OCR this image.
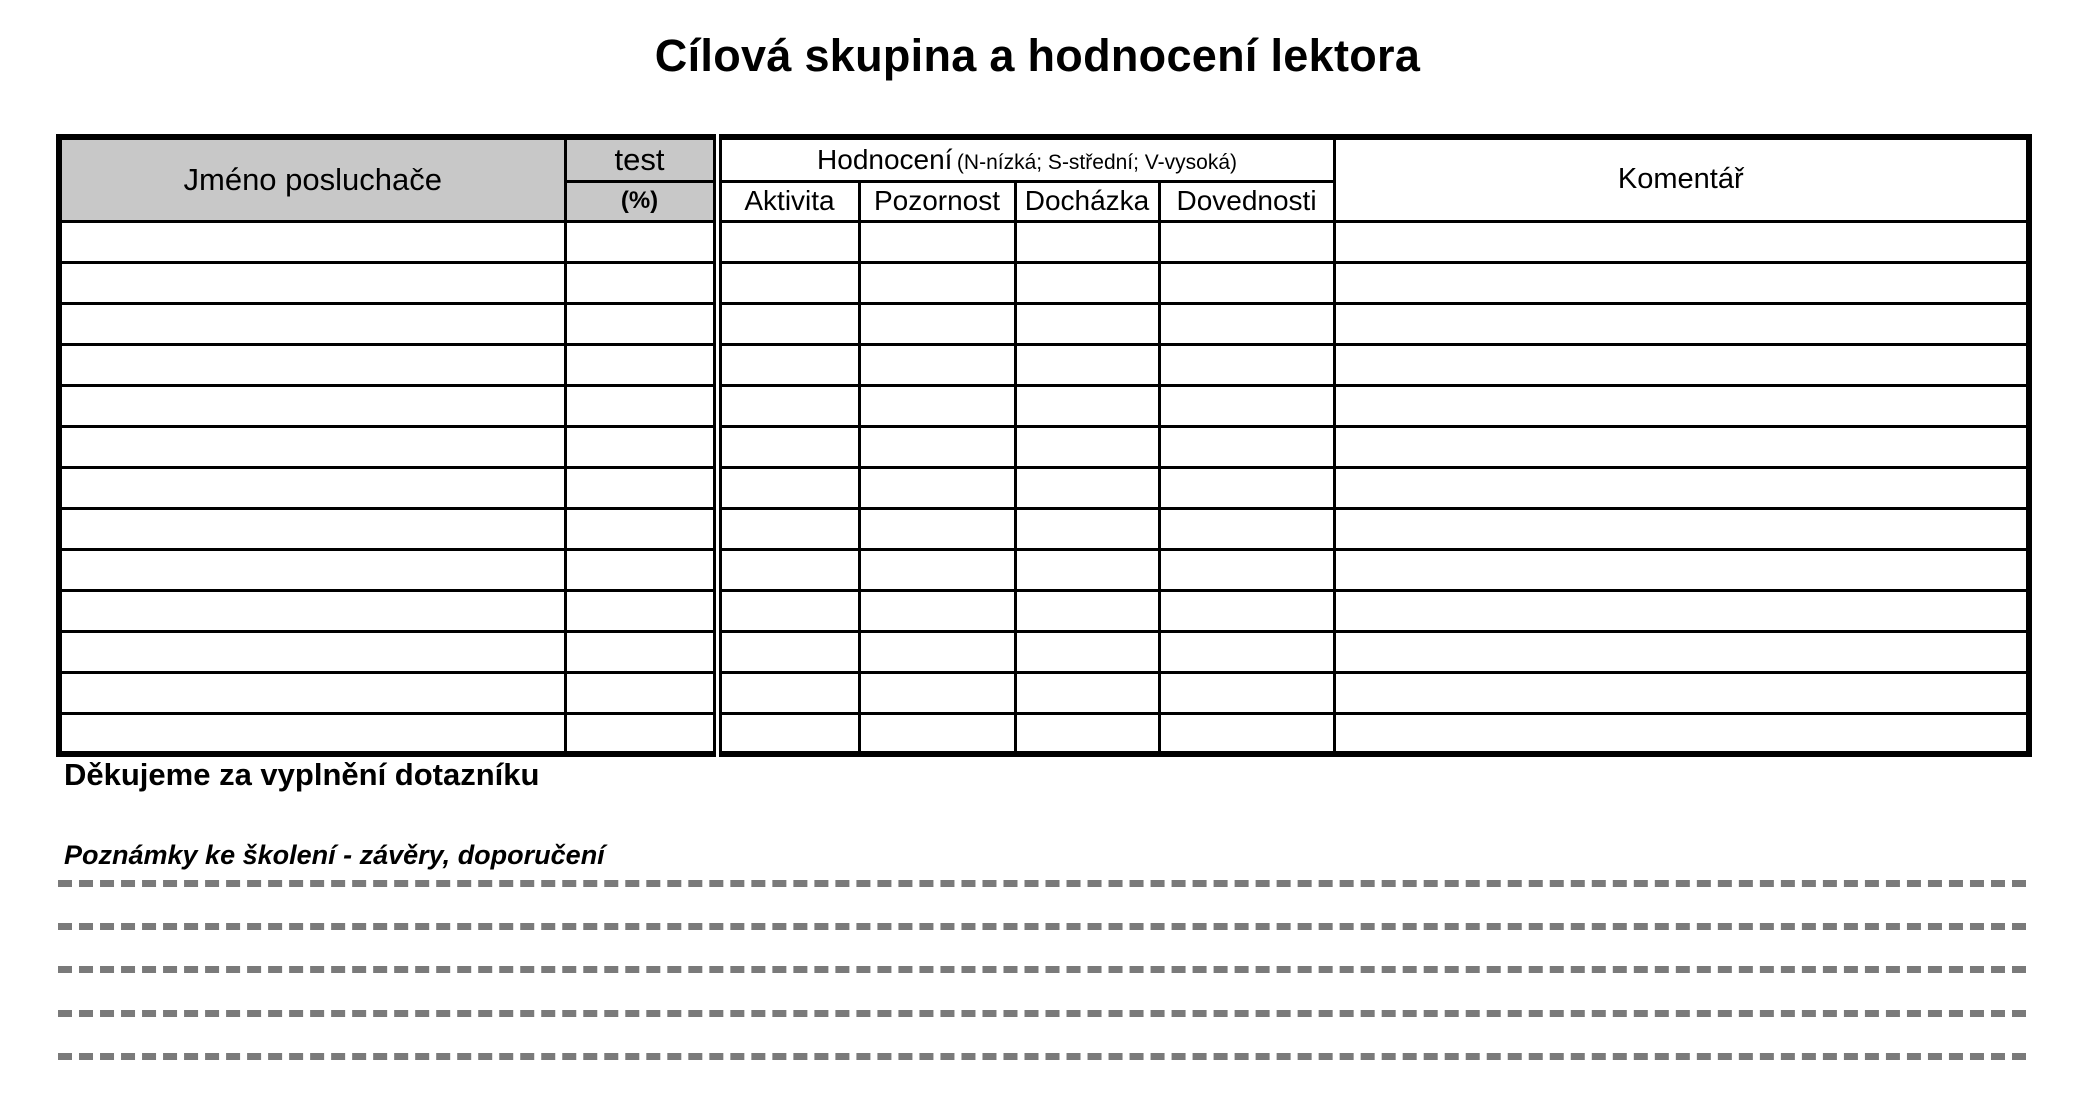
Cílová skupina a hodnocení lektora
Jméno posluchače	test	Hodnocení (N-nízká; S-střední; V-vysoká)				Komentář
	(%)	Aktivita	Pozornost	Docházka	Dovednosti	

Děkujeme za vyplnění dotazníku
Poznámky ke školení - závěry, doporučení
